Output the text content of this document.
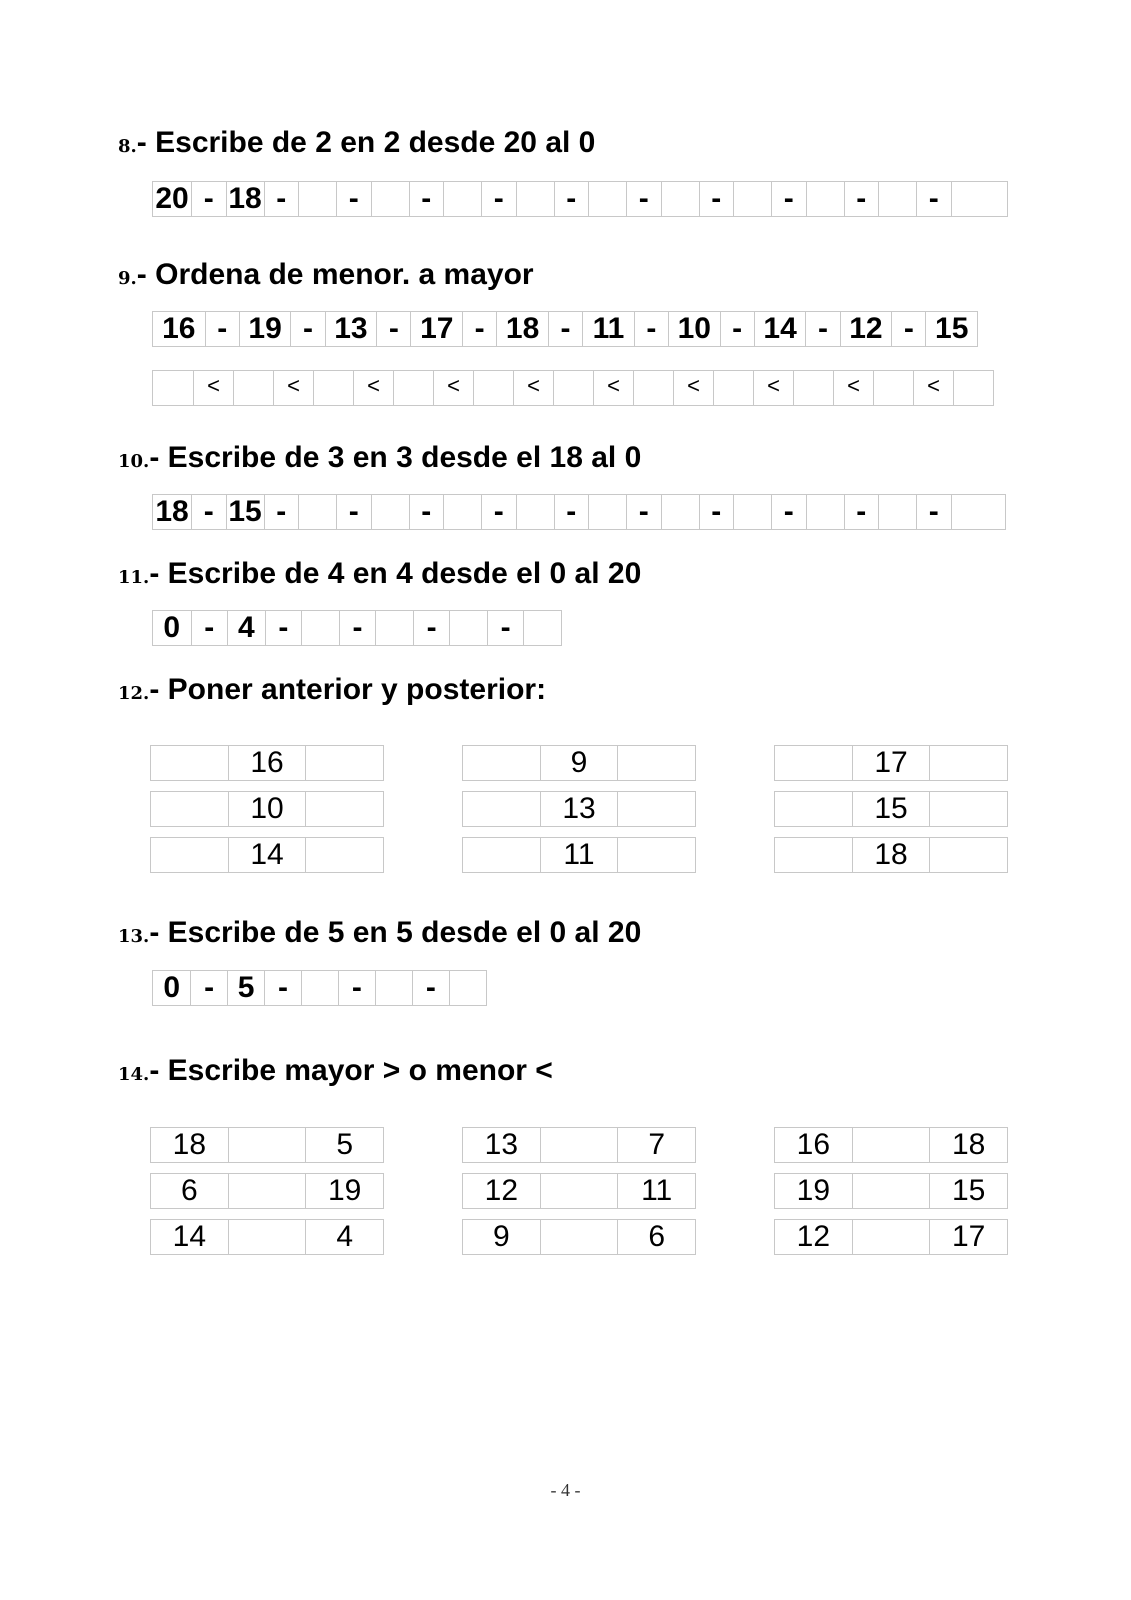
8.- Escribe de 2 en 2 desde 20 al 0
20 - 18 -	-	-	-	-	-	-	-	-	-
9.- Ordena de menor. a mayor
16 - 19 - 13 - 17 - 18 - 11 - 10 - 14 - 12 - 15
<	<	<	<	<	<	<	<	<	<
10.- Escribe de 3 en 3 desde el 18 al 0
18 - 15 -	-	-	-	-	-	-	-	-	-
11.- Escribe de 4 en 4 desde el 0 al 20
0 - 4 -	-	-	-
12.- Poner anterior y posterior:
16
10
14
9
13
11
17
15
18
13.- Escribe de 5 en 5 desde el 0 al 20
0 - 5 -	-	-
14.- Escribe mayor > o menor <
18	5
6	19
14	4
13	7
12	11
9	6
16	18
19	15
12	17
- 4 -
